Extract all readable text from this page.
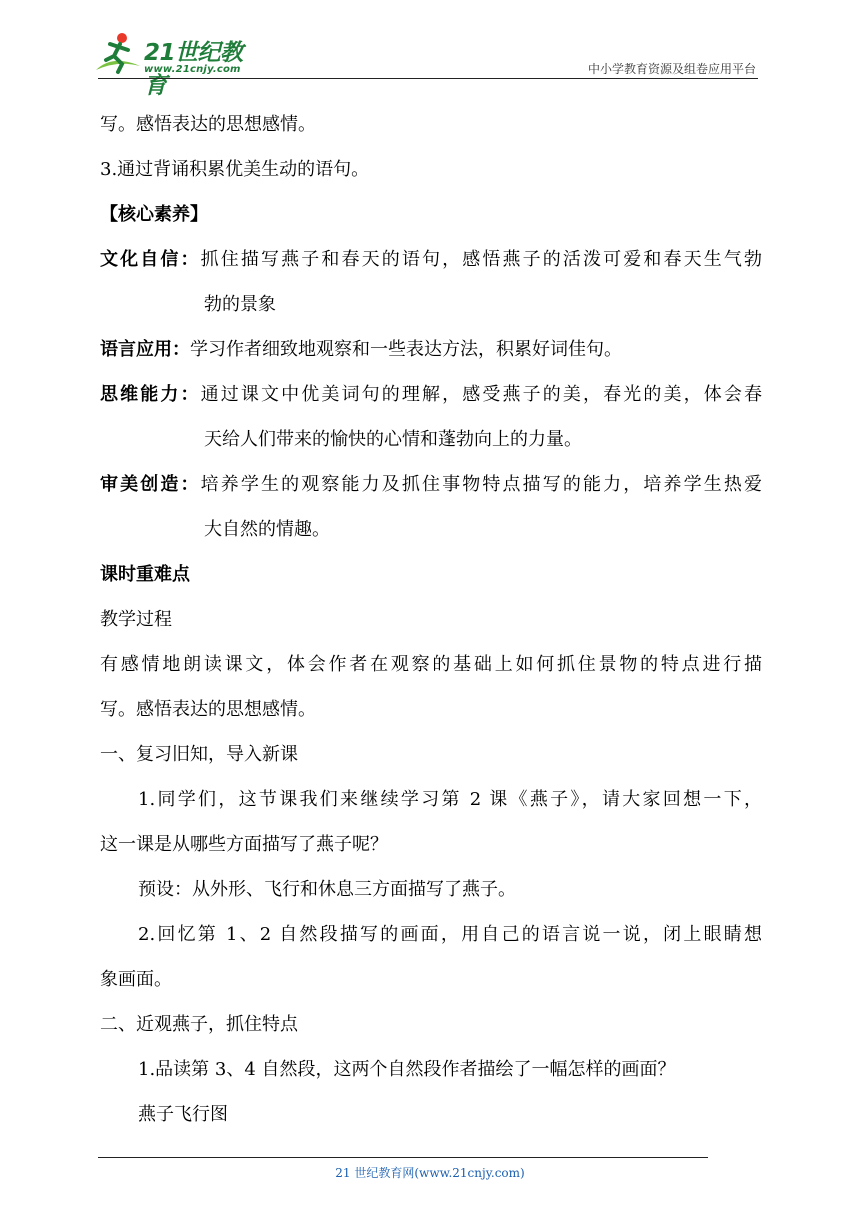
21世纪教育
www.21cnjy.com	中小学教育资源及组卷应用平台

写。感悟表达的思想感情。

3.通过背诵积累优美生动的语句。

【核心素养】

文化自信：抓住描写燕子和春天的语句，感悟燕子的活泼可爱和春天生气勃

勃的景象

语言应用：学习作者细致地观察和一些表达方法，积累好词佳句。

思维能力：通过课文中优美词句的理解，感受燕子的美，春光的美，体会春

天给人们带来的愉快的心情和蓬勃向上的力量。

审美创造：培养学生的观察能力及抓住事物特点描写的能力，培养学生热爱

大自然的情趣。

课时重难点

教学过程

有感情地朗读课文，体会作者在观察的基础上如何抓住景物的特点进行描

写。感悟表达的思想感情。

一、复习旧知，导入新课

1.同学们，这节课我们来继续学习第 2 课《燕子》，请大家回想一下，

这一课是从哪些方面描写了燕子呢？

预设：从外形、飞行和休息三方面描写了燕子。

2.回忆第 1、2 自然段描写的画面，用自己的语言说一说，闭上眼睛想

象画面。

二、近观燕子，抓住特点

1.品读第 3、4 自然段，这两个自然段作者描绘了一幅怎样的画面？

燕子飞行图

21 世纪教育网(www.21cnjy.com)
